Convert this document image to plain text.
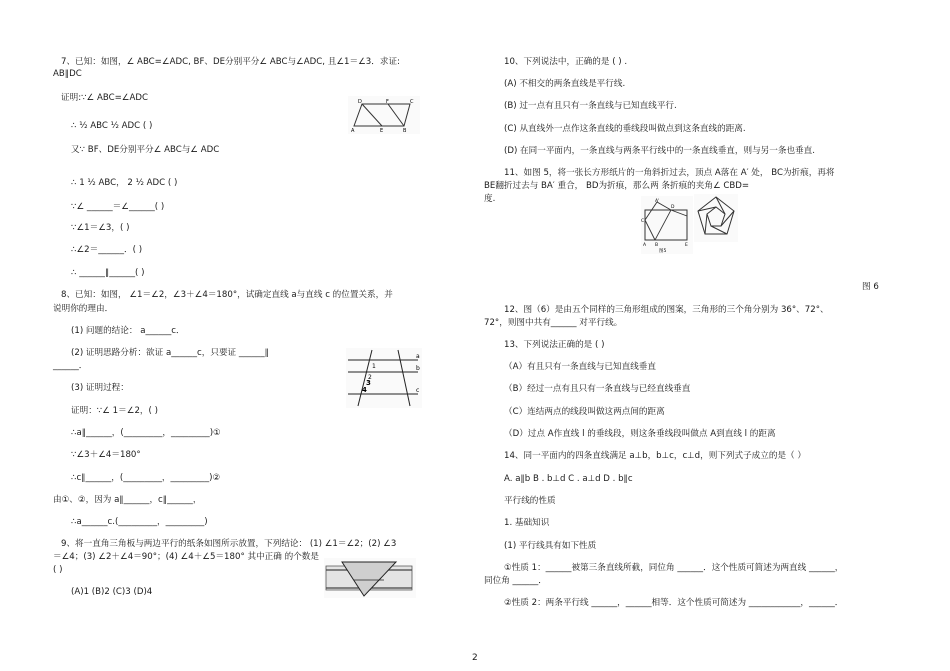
7、已知：如图，∠ ABC=∠ADC, BF、DE分别平分∠ ABC与∠ADC, 且∠1＝∠3．求证:
AB∥DC
证明:∵∠ ABC=∠ADC
∴ ½ ABC ½ ADC ( )
又∵ BF、DE分别平分∠ ABC与∠ ADC
∴ 1 ½ ABC， 2 ½ ADC ( )
∵∠ ______＝∠______( )
∵∠1＝∠3，( )
∴∠2＝______．( )
∴ ______∥______( )
8、已知：如图， ∠1＝∠2，∠3＋∠4＝180°，试确定直线 a与直线 c 的位置关系，并
说明你的理由．
(1) 问题的结论： a______c．
(2) 证明思路分析：欲证 a______c，只要证 ______∥
______．
(3) 证明过程：
证明：∵∠ 1＝∠2，( )
∴a∥______，(_________，_________)①
∵∠3＋∠4＝180°
∴c∥______，(_________，_________)②
由①、②，因为 a∥______，c∥______，
∴a______c.(_________，_________)
9、将一直角三角板与两边平行的纸条如图所示放置，下列结论： (1) ∠1＝∠2；(2) ∠3
＝∠4；(3) ∠2＋∠4＝90°；(4) ∠4＋∠5＝180° 其中正确 的个数是
( )
(A)1 (B)2 (C)3 (D)4
10、下列说法中，正确的是 ( ) .
(A) 不相交的两条直线是平行线.
(B) 过一点有且只有一条直线与已知直线平行.
(C) 从直线外一点作这条直线的垂线段叫做点到这条直线的距离.
(D) 在同一平面内，一条直线与两条平行线中的一条直线垂直，则与另一条也垂直.
11、如图 5，将一张长方形纸片的一角斜折过去，顶点 A落在 A′ 处， BC为折痕，再将
BE翻折过去与 BA′ 重合， BD为折痕，那么两 条折痕的夹角∠ CBD=
度.
图 6
12、图（6）是由五个同样的三角形组成的图案，三角形的三个角分别为 36°、72°、
72°，则图中共有______ 对平行线。
13、下列说法正确的是 ( )
（A）有且只有一条直线与已知直线垂直
（B）经过一点有且只有一条直线与已经直线垂直
（C）连结两点的线段叫做这两点间的距离
（D）过点 A作直线 l 的垂线段，则这条垂线段叫做点 A到直线 l 的距离
14、同一平面内的四条直线满足 a⊥b，b⊥c，c⊥d，则下列式子成立的是（ ）
A. a∥b B . b⊥d C . a⊥d D . b∥c
平行线的性质
1. 基础知识
(1) 平行线具有如下性质
①性质 1：______被第三条直线所截，同位角 ______．这个性质可简述为两直线 ______，
同位角 ______．
②性质 2：两条平行线 ______，______相等．这个性质可简述为 ____________，______．
D	F	C
A	E	B
a
b
c
1
2
3
4
A'
D
C
E
A B
图5
2
